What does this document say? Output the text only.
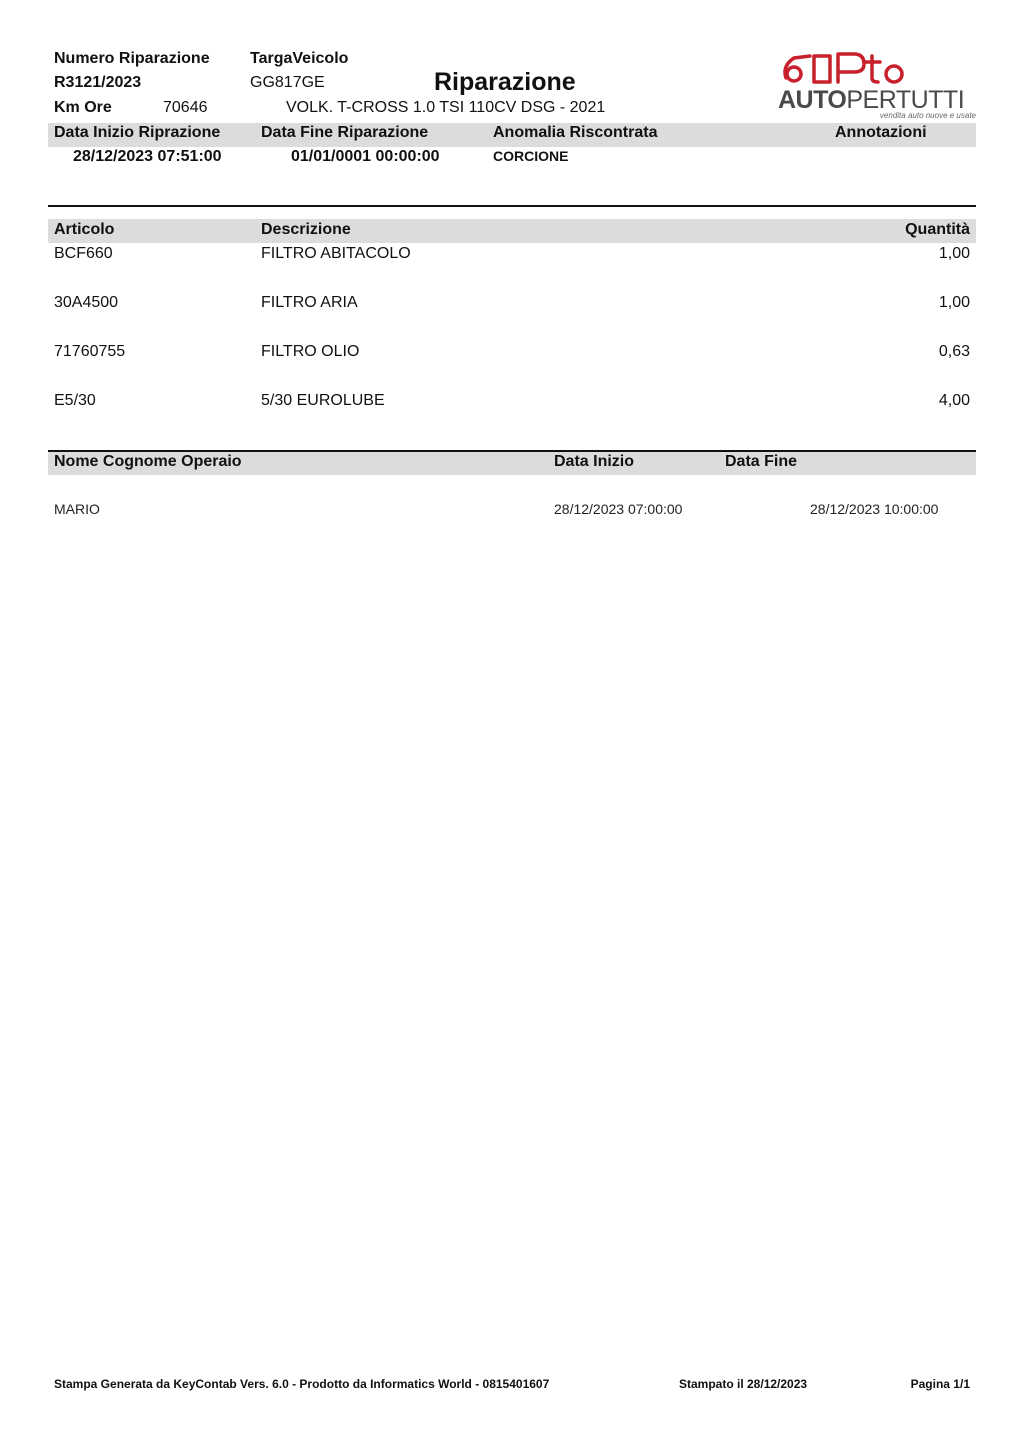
Numero Riparazione
R3121/2023
Km Ore	70646
TargaVeicolo
GG817GE	Riparazione
VOLK. T-CROSS 1.0 TSI 110CV DSG - 2021	AUTOPERTUTTI
vendita auto nuove e usate
Data Inizio Riprazione	Data Fine Riparazione	Anomalia Riscontrata	Annotazioni
28/12/2023 07:51:00	01/01/0001 00:00:00	CORCIONE
Articolo	Descrizione	Quantità
BCF660	FILTRO ABITACOLO	1,00
30A4500	FILTRO ARIA	1,00
71760755	FILTRO OLIO	0,63
E5/30	5/30 EUROLUBE	4,00
Nome Cognome Operaio	Data Inizio	Data Fine
MARIO	28/12/2023 07:00:00	28/12/2023 10:00:00
Stampa Generata da KeyContab Vers. 6.0 - Prodotto da Informatics World - 0815401607	Stampato il 28/12/2023	Pagina 1/1
